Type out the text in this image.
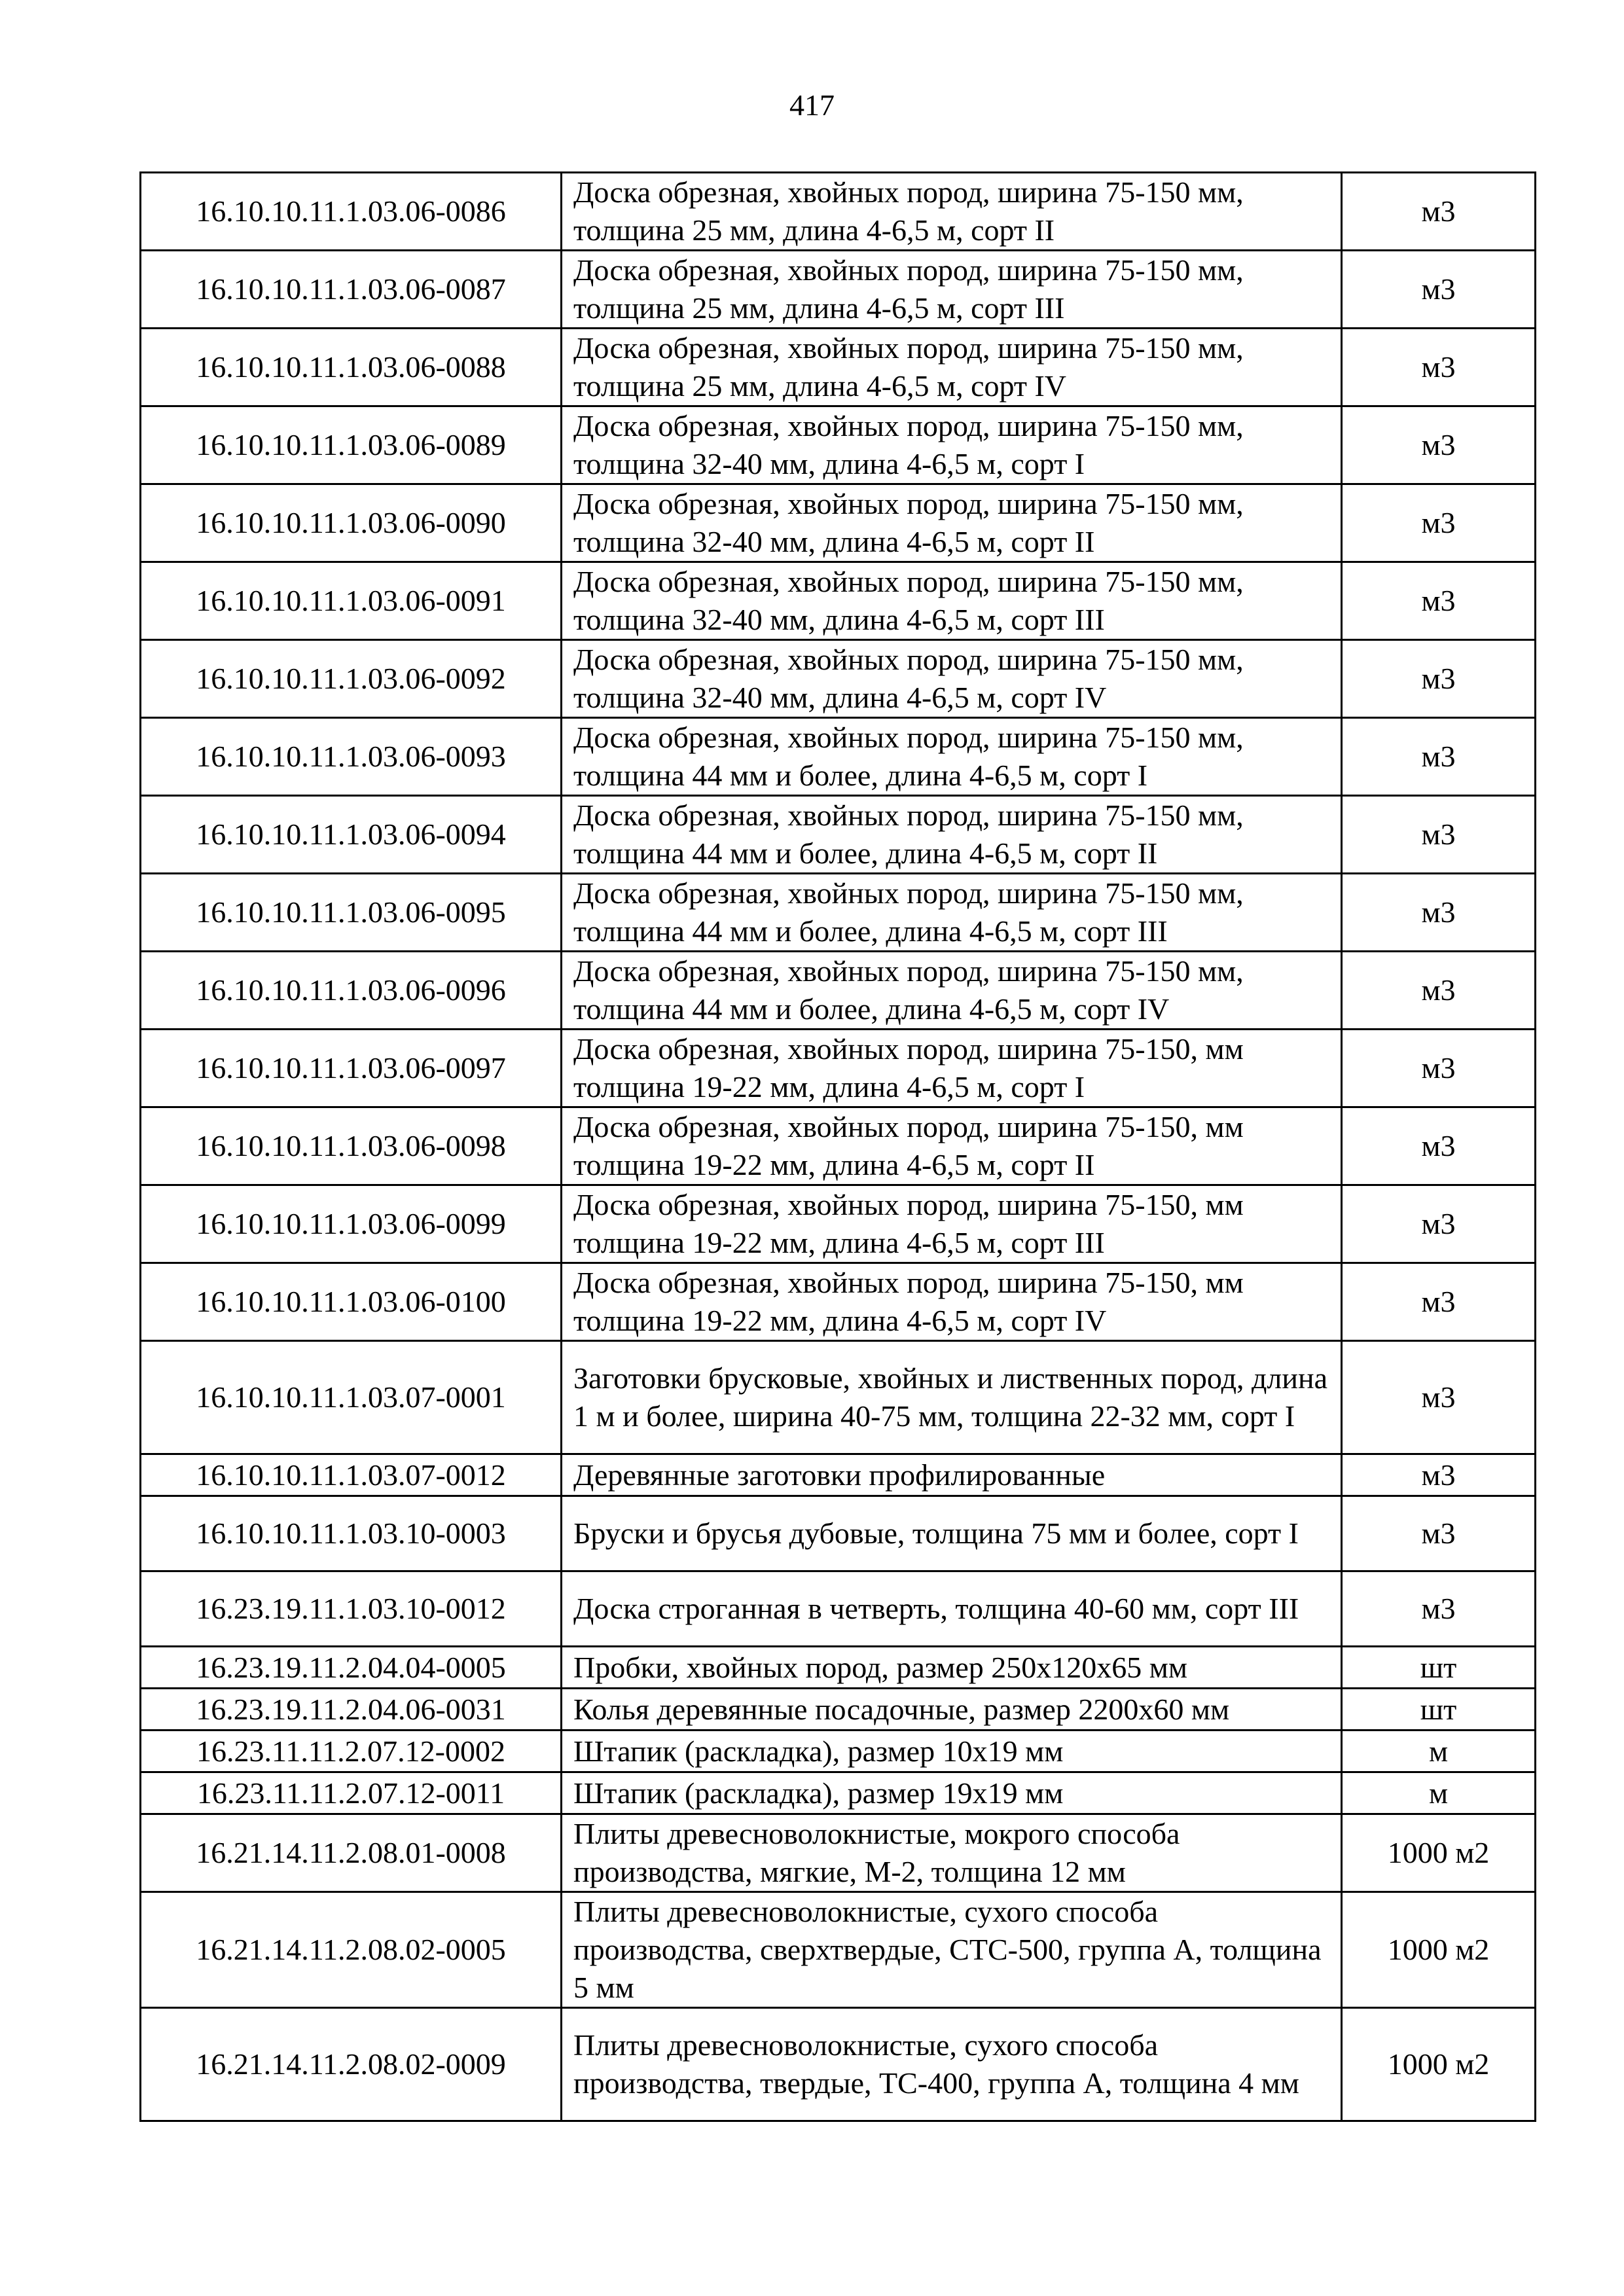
417
16.10.10.11.1.03.06-0086	Доска обрезная, хвойных пород, ширина 75-150 мм, толщина 25 мм, длина 4-6,5 м, сорт II	м3
16.10.10.11.1.03.06-0087	Доска обрезная, хвойных пород, ширина 75-150 мм, толщина 25 мм, длина 4-6,5 м, сорт III	м3
16.10.10.11.1.03.06-0088	Доска обрезная, хвойных пород, ширина 75-150 мм, толщина 25 мм, длина 4-6,5 м, сорт IV	м3
16.10.10.11.1.03.06-0089	Доска обрезная, хвойных пород, ширина 75-150 мм, толщина 32-40 мм, длина 4-6,5 м, сорт I	м3
16.10.10.11.1.03.06-0090	Доска обрезная, хвойных пород, ширина 75-150 мм, толщина 32-40 мм, длина 4-6,5 м, сорт II	м3
16.10.10.11.1.03.06-0091	Доска обрезная, хвойных пород, ширина 75-150 мм, толщина 32-40 мм, длина 4-6,5 м, сорт III	м3
16.10.10.11.1.03.06-0092	Доска обрезная, хвойных пород, ширина 75-150 мм, толщина 32-40 мм, длина 4-6,5 м, сорт IV	м3
16.10.10.11.1.03.06-0093	Доска обрезная, хвойных пород, ширина 75-150 мм, толщина 44 мм и более, длина 4-6,5 м, сорт I	м3
16.10.10.11.1.03.06-0094	Доска обрезная, хвойных пород, ширина 75-150 мм, толщина 44 мм и более, длина 4-6,5 м, сорт II	м3
16.10.10.11.1.03.06-0095	Доска обрезная, хвойных пород, ширина 75-150 мм, толщина 44 мм и более, длина 4-6,5 м, сорт III	м3
16.10.10.11.1.03.06-0096	Доска обрезная, хвойных пород, ширина 75-150 мм, толщина 44 мм и более, длина 4-6,5 м, сорт IV	м3
16.10.10.11.1.03.06-0097	Доска обрезная, хвойных пород, ширина 75-150, мм толщина 19-22 мм, длина 4-6,5 м, сорт I	м3
16.10.10.11.1.03.06-0098	Доска обрезная, хвойных пород, ширина 75-150, мм толщина 19-22 мм, длина 4-6,5 м, сорт II	м3
16.10.10.11.1.03.06-0099	Доска обрезная, хвойных пород, ширина 75-150, мм толщина 19-22 мм, длина 4-6,5 м, сорт III	м3
16.10.10.11.1.03.06-0100	Доска обрезная, хвойных пород, ширина 75-150, мм толщина 19-22 мм, длина 4-6,5 м, сорт IV	м3
16.10.10.11.1.03.07-0001	Заготовки брусковые, хвойных и лиственных пород, длина 1 м и более, ширина 40-75 мм, толщина 22-32 мм, сорт I	м3
16.10.10.11.1.03.07-0012	Деревянные заготовки профилированные	м3
16.10.10.11.1.03.10-0003	Бруски и брусья дубовые, толщина 75 мм и более, сорт I	м3
16.23.19.11.1.03.10-0012	Доска строганная в четверть, толщина 40-60 мм, сорт III	м3
16.23.19.11.2.04.04-0005	Пробки, хвойных пород, размер 250x120x65 мм	шт
16.23.19.11.2.04.06-0031	Колья деревянные посадочные, размер 2200x60 мм	шт
16.23.11.11.2.07.12-0002	Штапик (раскладка), размер 10x19 мм	м
16.23.11.11.2.07.12-0011	Штапик (раскладка), размер 19x19 мм	м
16.21.14.11.2.08.01-0008	Плиты древесноволокнистые, мокрого способа производства, мягкие, М-2, толщина 12 мм	1000 м2
16.21.14.11.2.08.02-0005	Плиты древесноволокнистые, сухого способа производства, сверхтвердые, СТС-500, группа А, толщина 5 мм	1000 м2
16.21.14.11.2.08.02-0009	Плиты древесноволокнистые, сухого способа производства, твердые, ТС-400, группа А, толщина 4 мм	1000 м2
